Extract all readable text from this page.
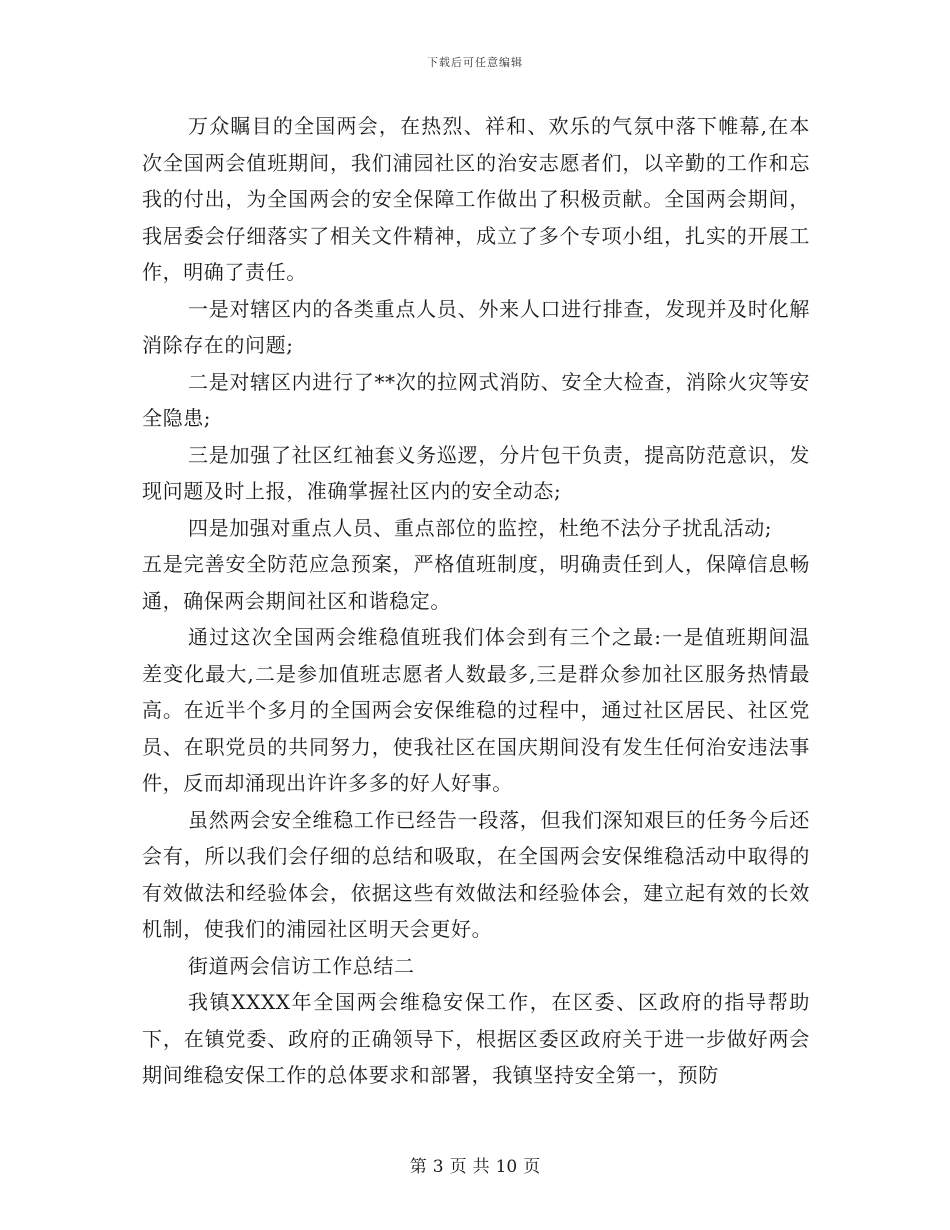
下载后可任意编辑

万众瞩目的全国两会，在热烈、祥和、欢乐的气氛中落下帷幕,在本次全国两会值班期间，我们浦园社区的治安志愿者们，以辛勤的工作和忘我的付出，为全国两会的安全保障工作做出了积极贡献。全国两会期间，我居委会仔细落实了相关文件精神，成立了多个专项小组，扎实的开展工作，明确了责任。

一是对辖区内的各类重点人员、外来人口进行排查，发现并及时化解消除存在的问题;

二是对辖区内进行了**次的拉网式消防、安全大检查，消除火灾等安全隐患;

三是加强了社区红袖套义务巡逻，分片包干负责，提高防范意识，发现问题及时上报，准确掌握社区内的安全动态;

四是加强对重点人员、重点部位的监控，杜绝不法分子扰乱活动;

五是完善安全防范应急预案，严格值班制度，明确责任到人，保障信息畅通，确保两会期间社区和谐稳定。

通过这次全国两会维稳值班我们体会到有三个之最:一是值班期间温差变化最大,二是参加值班志愿者人数最多,三是群众参加社区服务热情最高。在近半个多月的全国两会安保维稳的过程中，通过社区居民、社区党员、在职党员的共同努力，使我社区在国庆期间没有发生任何治安违法事件，反而却涌现出许许多多的好人好事。

虽然两会安全维稳工作已经告一段落，但我们深知艰巨的任务今后还会有，所以我们会仔细的总结和吸取，在全国两会安保维稳活动中取得的有效做法和经验体会，依据这些有效做法和经验体会，建立起有效的长效机制，使我们的浦园社区明天会更好。

街道两会信访工作总结二

我镇XXXX年全国两会维稳安保工作，在区委、区政府的指导帮助下，在镇党委、政府的正确领导下，根据区委区政府关于进一步做好两会期间维稳安保工作的总体要求和部署，我镇坚持安全第一，预防

第 3 页 共 10 页
